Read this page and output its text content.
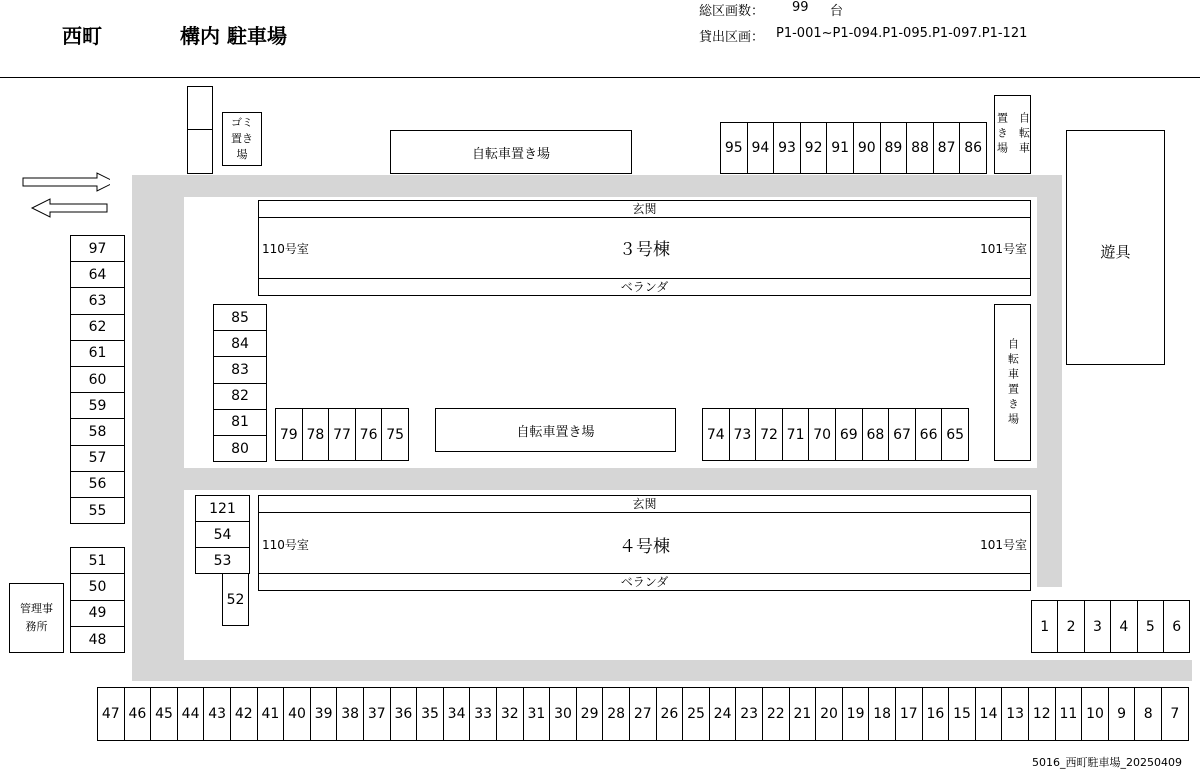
西町	構内 駐車場
総区画数： 99 台
貸出区画： P1-001~P1-094.P1-095.P1-097.P1-121
ゴミ置き場	自転車置き場	置き場 自転車
遊具
玄関
ベランダ
110号室	101号室
３号棟
玄関
ベランダ
110号室	101号室
４号棟
自転車置き場
自転車置き場
管理事務所
5016_西町駐車場_20250409
95 94 93 92 91 90 89 88 87 86
97
64
63
62
61
60
59
58
57
56
55
51
50
49
48
85
84
83
82
81
80
79 78 77 76 75	74 73 72 71 70 69 68 67 66 65
121
54
53
52
1	2	3	4	5	6
47 46 45 44 43 42 41 40 39 38 37 36 35 34 33 32 31 30 29 28 27 26 25 24 23 22 21 20 19 18 17 16 15 14 13 12 11 10 9	8	7
